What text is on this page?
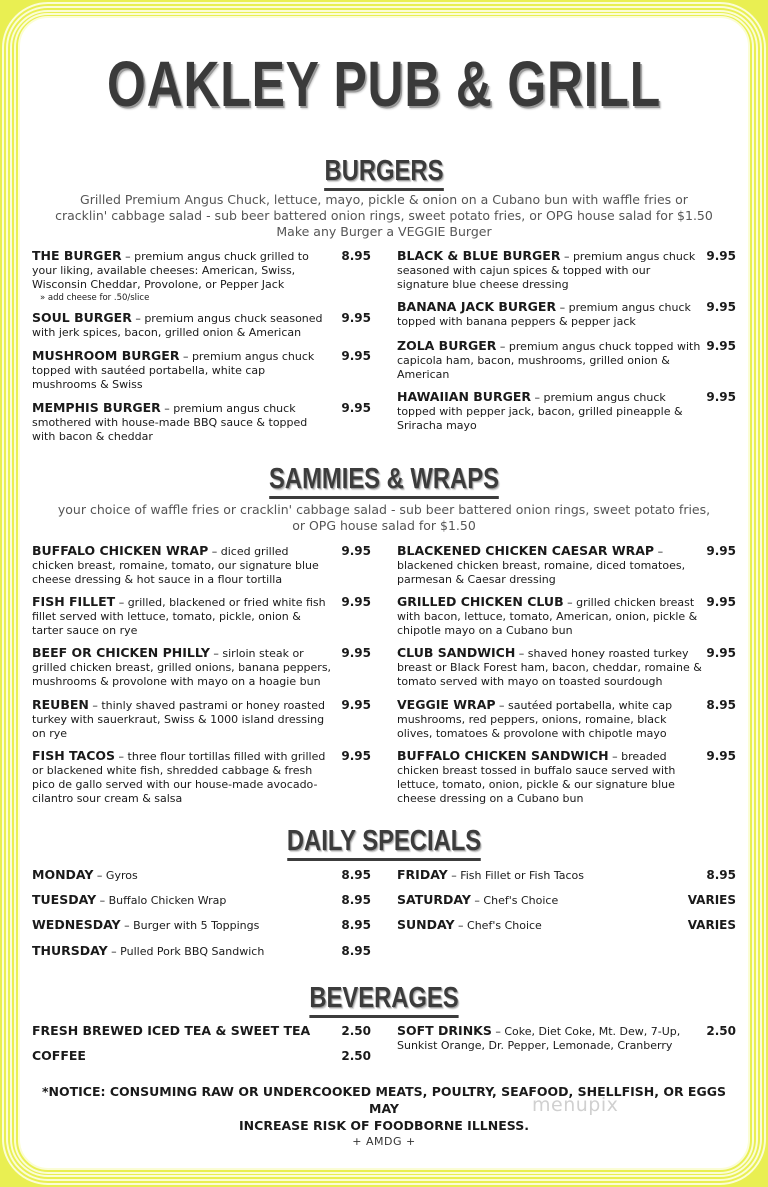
OAKLEY PUB & GRILL
BURGERS
Grilled Premium Angus Chuck, lettuce, mayo, pickle & onion on a Cubano bun with waffle fries or
cracklin' cabbage salad - sub beer battered onion rings, sweet potato fries, or OPG house salad for $1.50
Make any Burger a VEGGIE Burger
THE BURGER – premium angus chuck grilled to your liking, available cheeses: American, Swiss, Wisconsin Cheddar, Provolone, or Pepper Jack
» add cheese for .50/slice
8.95
SOUL BURGER – premium angus chuck seasoned with jerk spices, bacon, grilled onion & American
9.95
MUSHROOM BURGER – premium angus chuck topped with sautéed portabella, white cap mushrooms & Swiss
9.95
MEMPHIS BURGER – premium angus chuck smothered with house-made BBQ sauce & topped with bacon & cheddar
9.95
BLACK & BLUE BURGER – premium angus chuck seasoned with cajun spices & topped with our signature blue cheese dressing
9.95
BANANA JACK BURGER – premium angus chuck topped with banana peppers & pepper jack
9.95
ZOLA BURGER – premium angus chuck topped with capicola ham, bacon, mushrooms, grilled onion & American
9.95
HAWAIIAN BURGER – premium angus chuck topped with pepper jack, bacon, grilled pineapple & Sriracha mayo
9.95
SAMMIES & WRAPS
your choice of waffle fries or cracklin' cabbage salad - sub beer battered onion rings, sweet potato fries,
or OPG house salad for $1.50
BUFFALO CHICKEN WRAP – diced grilled chicken breast, romaine, tomato, our signature blue cheese dressing & hot sauce in a flour tortilla
9.95
FISH FILLET – grilled, blackened or fried white fish fillet served with lettuce, tomato, pickle, onion & tarter sauce on rye
9.95
BEEF OR CHICKEN PHILLY – sirloin steak or grilled chicken breast, grilled onions, banana peppers, mushrooms & provolone with mayo on a hoagie bun
9.95
REUBEN – thinly shaved pastrami or honey roasted turkey with sauerkraut, Swiss & 1000 island dressing on rye
9.95
FISH TACOS – three flour tortillas filled with grilled or blackened white fish, shredded cabbage & fresh pico de gallo served with our house-made avocado-cilantro sour cream & salsa
9.95
BLACKENED CHICKEN CAESAR WRAP – blackened chicken breast, romaine, diced tomatoes, parmesan & Caesar dressing
9.95
GRILLED CHICKEN CLUB – grilled chicken breast with bacon, lettuce, tomato, American, onion, pickle & chipotle mayo on a Cubano bun
9.95
CLUB SANDWICH – shaved honey roasted turkey breast or Black Forest ham, bacon, cheddar, romaine & tomato served with mayo on toasted sourdough
9.95
VEGGIE WRAP – sautéed portabella, white cap mushrooms, red peppers, onions, romaine, black olives, tomatoes & provolone with chipotle mayo
8.95
BUFFALO CHICKEN SANDWICH – breaded chicken breast tossed in buffalo sauce served with lettuce, tomato, onion, pickle & our signature blue cheese dressing on a Cubano bun
9.95
DAILY SPECIALS
MONDAY – Gyros	8.95
TUESDAY – Buffalo Chicken Wrap	8.95
WEDNESDAY – Burger with 5 Toppings	8.95
THURSDAY – Pulled Pork BBQ Sandwich	8.95
FRIDAY – Fish Fillet or Fish Tacos	8.95
SATURDAY – Chef's Choice	VARIES
SUNDAY – Chef's Choice	VARIES
BEVERAGES
FRESH BREWED ICED TEA & SWEET TEA	2.50
COFFEE	2.50
SOFT DRINKS – Coke, Diet Coke, Mt. Dew, 7-Up, Sunkist Orange, Dr. Pepper, Lemonade, Cranberry
2.50
*NOTICE: CONSUMING RAW OR UNDERCOOKED MEATS, POULTRY, SEAFOOD, SHELLFISH, OR EGGS MAY
INCREASE RISK OF FOODBORNE ILLNESS.
menupix
+ AMDG +
